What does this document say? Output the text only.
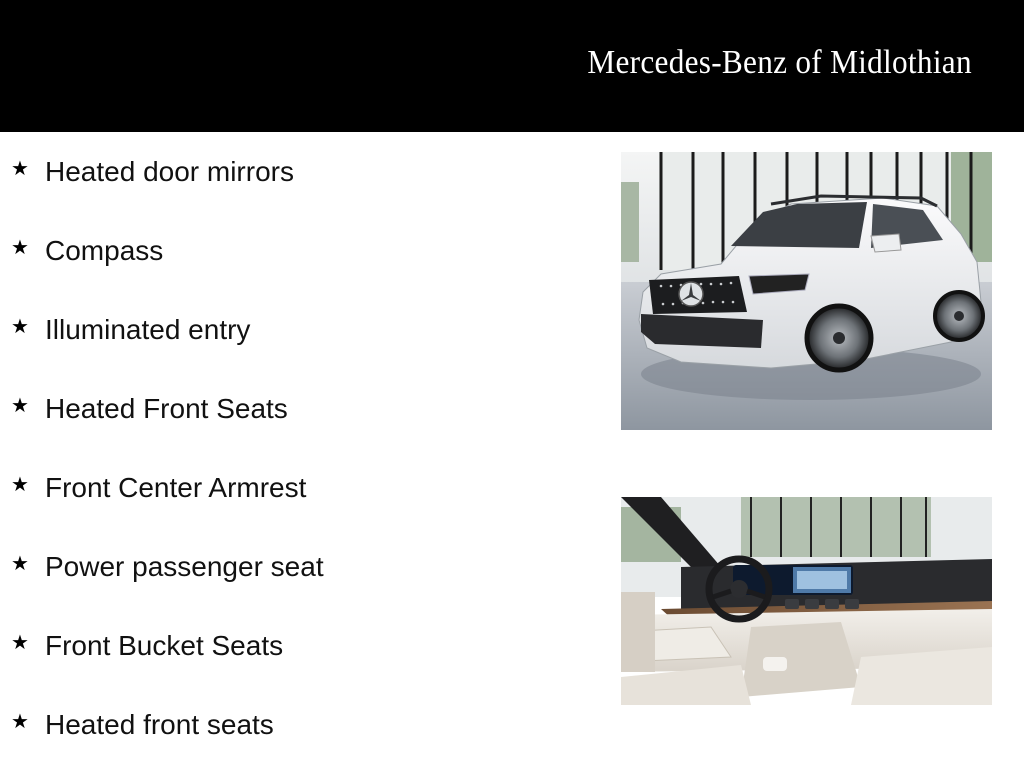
Mercedes-Benz of Midlothian
★ Heated door mirrors
★ Compass
★ Illuminated entry
★ Heated Front Seats
★ Front Center Armrest
★ Power passenger seat
★ Front Bucket Seats
★ Heated front seats
